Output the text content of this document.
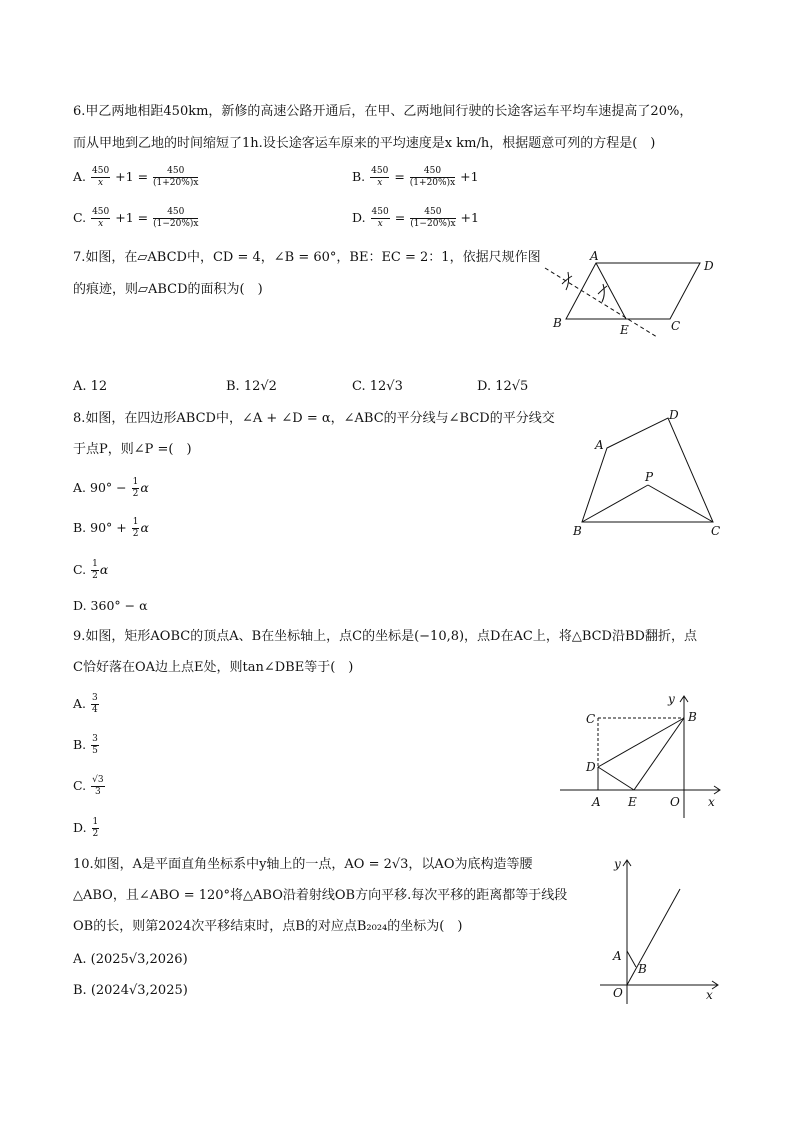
6.甲乙两地相距450km，新修的高速公路开通后，在甲、乙两地间行驶的长途客运车平均车速提高了20%，
而从甲地到乙地的时间缩短了1h.设长途客运车原来的平均速度是x km/h，根据题意可列的方程是(　)
A. $\frac{450}{x} +1 = \frac{450}{(1+20\%)x}$	B. $\frac{450}{x} = \frac{450}{(1+20\%)x} +1$
C. $\frac{450}{x} +1 = \frac{450}{(1-20\%)x}$	D. $\frac{450}{x} = \frac{450}{(1-20\%)x} +1$
7.如图，在▱ABCD中，CD = 4，∠B = 60°，BE：EC = 2：1，依据尺规作图
的痕迹，则▱ABCD的面积为(　)
A
D
B	E	C
A. 12	B. 12√2	C. 12√3	D. 12√5
8.如图，在四边形ABCD中，∠A + ∠D = α，∠ABC的平分线与∠BCD的平分线交
于点P，则∠P =(　)
A. $90^\circ - \frac{1}{2}$ α
B. $90^\circ + \frac{1}{2}$ α
C. $\frac{1}{2}$ α
D. 360° − α
A
D
P
B	C
9.如图，矩形AOBC的顶点A、B在坐标轴上，点C的坐标是(−10,8)，点D在AC上，将△BCD沿BD翻折，点
C恰好落在OA边上点E处，则tan∠DBE等于(　)
A. $\frac{3}{4}$
B. $\frac{3}{5}$
C. $\frac{√3}{3}$
D. $\frac{1}{2}$
C	B
y
D
A E	O x
10.如图，A是平面直角坐标系中y轴上的一点，AO = 2√3，以AO为底构造等腰
△ABO，且∠ABO = 120°将△ABO沿着射线OB方向平移.每次平移的距离都等于线段
OB的长，则第2024次平移结束时，点B的对应点B₂₀₂₄的坐标为(　)
A. (2025√3,2026)
B. (2024√3,2025)
y
A
B
O	x
